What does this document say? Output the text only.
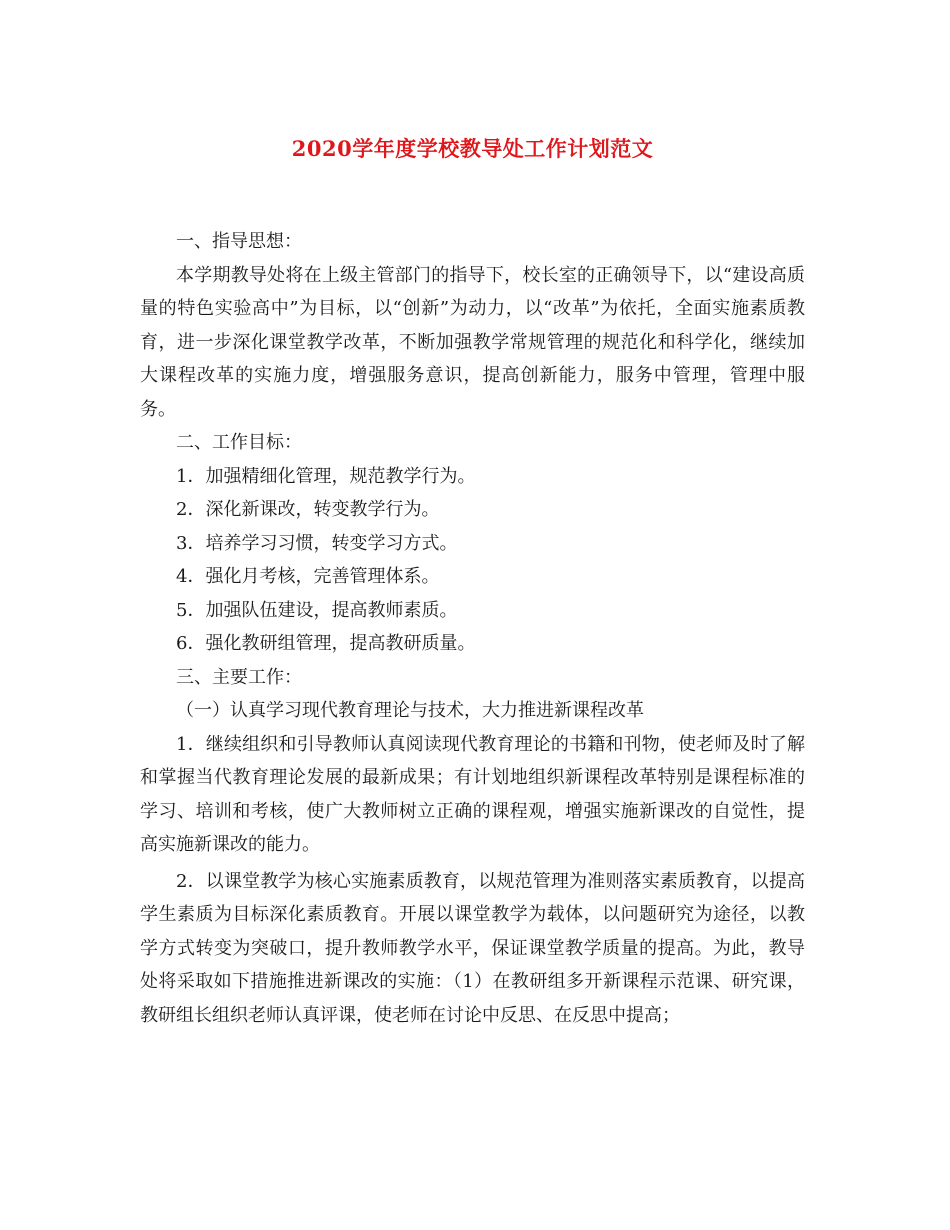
2020学年度学校教导处工作计划范文

一、指导思想：

本学期教导处将在上级主管部门的指导下，校长室的正确领导下，以“建设高质量的特色实验高中”为目标，以“创新”为动力，以“改革”为依托，全面实施素质教育，进一步深化课堂教学改革，不断加强教学常规管理的规范化和科学化，继续加大课程改革的实施力度，增强服务意识，提高创新能力，服务中管理，管理中服务。

二、工作目标：

1．加强精细化管理，规范教学行为。

2．深化新课改，转变教学行为。

3．培养学习习惯，转变学习方式。

4．强化月考核，完善管理体系。

5．加强队伍建设，提高教师素质。

6．强化教研组管理，提高教研质量。

三、主要工作：

（一）认真学习现代教育理论与技术，大力推进新课程改革

1．继续组织和引导教师认真阅读现代教育理论的书籍和刊物，使老师及时了解和掌握当代教育理论发展的最新成果；有计划地组织新课程改革特别是课程标准的学习、培训和考核，使广大教师树立正确的课程观，增强实施新课改的自觉性，提高实施新课改的能力。

2．以课堂教学为核心实施素质教育，以规范管理为准则落实素质教育，以提高学生素质为目标深化素质教育。开展以课堂教学为载体，以问题研究为途径，以教学方式转变为突破口，提升教师教学水平，保证课堂教学质量的提高。为此，教导处将采取如下措施推进新课改的实施：（1）在教研组多开新课程示范课、研究课，教研组长组织老师认真评课，使老师在讨论中反思、在反思中提高；
